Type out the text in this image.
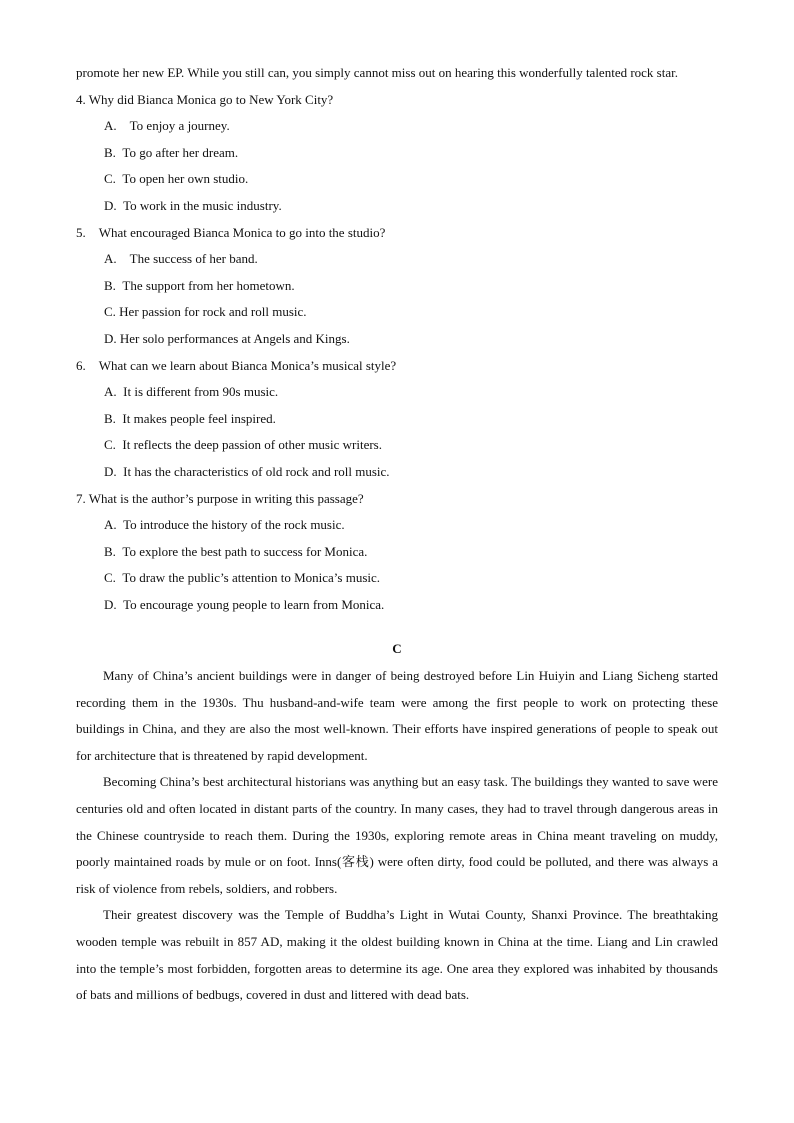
promote her new EP. While you still can, you simply cannot miss out on hearing this wonderfully talented rock star.

4. Why did Bianca Monica go to New York City?

A.    To enjoy a journey.

B.  To go after her dream.

C.  To open her own studio.

D.  To work in the music industry.

5.    What encouraged Bianca Monica to go into the studio?

A.    The success of her band.

B.  The support from her hometown.

C. Her passion for rock and roll music.

D. Her solo performances at Angels and Kings.

6.    What can we learn about Bianca Monica’s musical style?

A.  It is different from 90s music.

B.  It makes people feel inspired.

C.  It reflects the deep passion of other music writers.

D.  It has the characteristics of old rock and roll music.

7. What is the author’s purpose in writing this passage?

A.  To introduce the history of the rock music.

B.  To explore the best path to success for Monica.

C.  To draw the public’s attention to Monica’s music.

D.  To encourage young people to learn from Monica.

C

Many of China’s ancient buildings were in danger of being destroyed before Lin Huiyin and Liang Sicheng started recording them in the 1930s. Thu husband-and-wife team were among the first people to work on protecting these buildings in China, and they are also the most well-known. Their efforts have inspired generations of people to speak out for architecture that is threatened by rapid development.

Becoming China’s best architectural historians was anything but an easy task. The buildings they wanted to save were centuries old and often located in distant parts of the country. In many cases, they had to travel through dangerous areas in the Chinese countryside to reach them. During the 1930s, exploring remote areas in China meant traveling on muddy, poorly maintained roads by mule or on foot. Inns(客栈) were often dirty, food could be polluted, and there was always a risk of violence from rebels, soldiers, and robbers.

Their greatest discovery was the Temple of Buddha’s Light in Wutai County, Shanxi Province. The breathtaking wooden temple was rebuilt in 857 AD, making it the oldest building known in China at the time. Liang and Lin crawled into the temple’s most forbidden, forgotten areas to determine its age. One area they explored was inhabited by thousands of bats and millions of bedbugs, covered in dust and littered with dead bats.
